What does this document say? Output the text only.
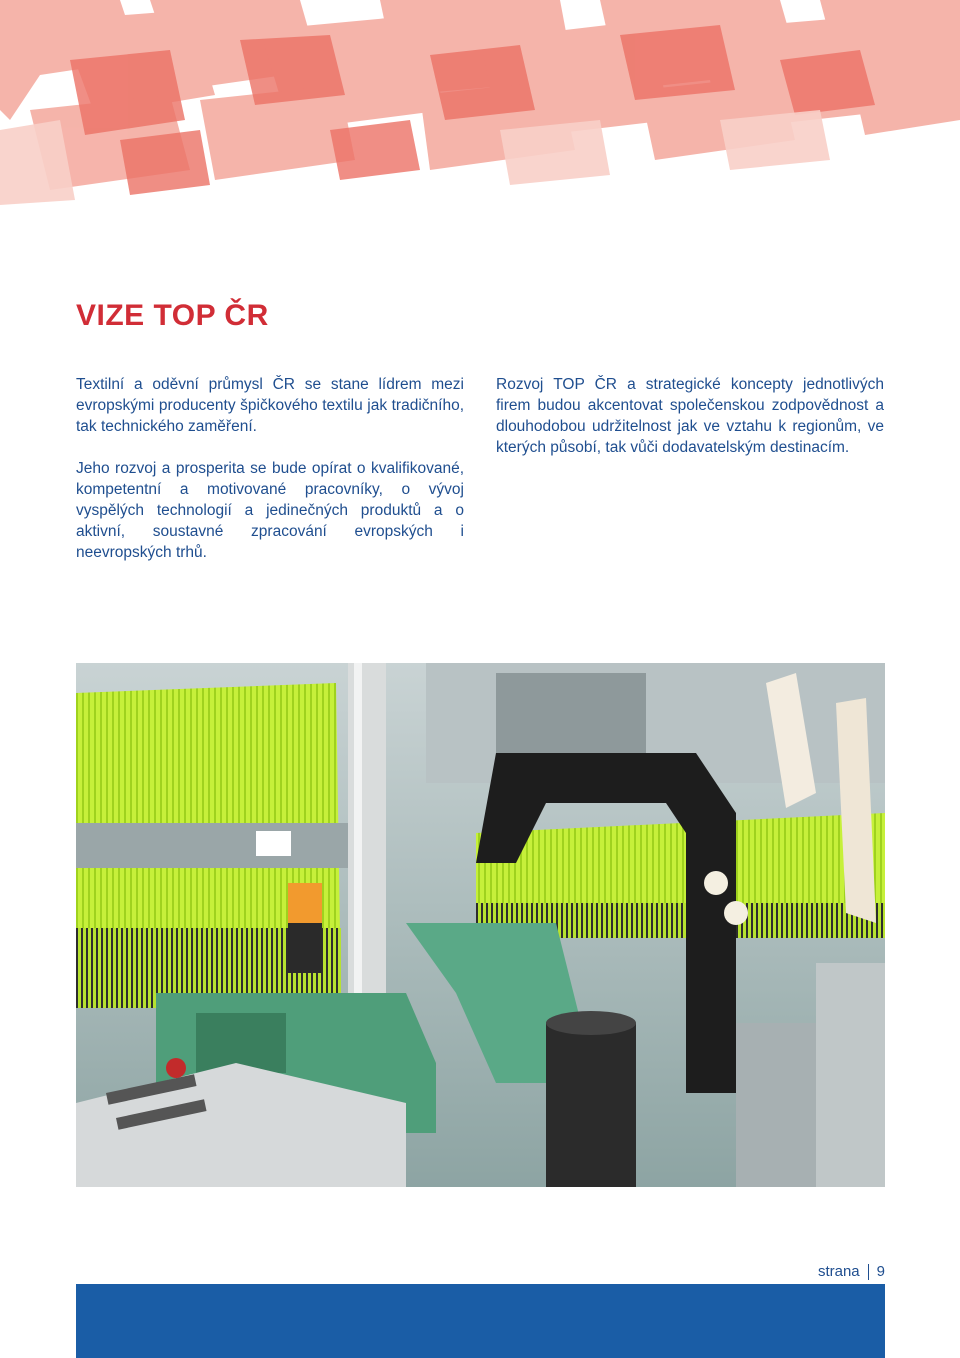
VIZE TOP ČR

Textilní a oděvní průmysl ČR se stane lídrem mezi evropskými producenty špičkového textilu jak tradičního, tak technického zaměření.

Jeho rozvoj a prosperita se bude opírat o kvalifikované, kompetentní a motivované pracovníky, o vývoj vyspělých technologií a jedinečných produktů a o aktivní, soustavné zpracování evropských i neevropských trhů.

Rozvoj TOP ČR a strategické koncepty jednotlivých firem budou akcentovat společenskou zodpovědnost a dlouhodobou udržitelnost jak ve vztahu k regionům, ve kterých působí, tak vůči dodavatelským destinacím.

strana 9
